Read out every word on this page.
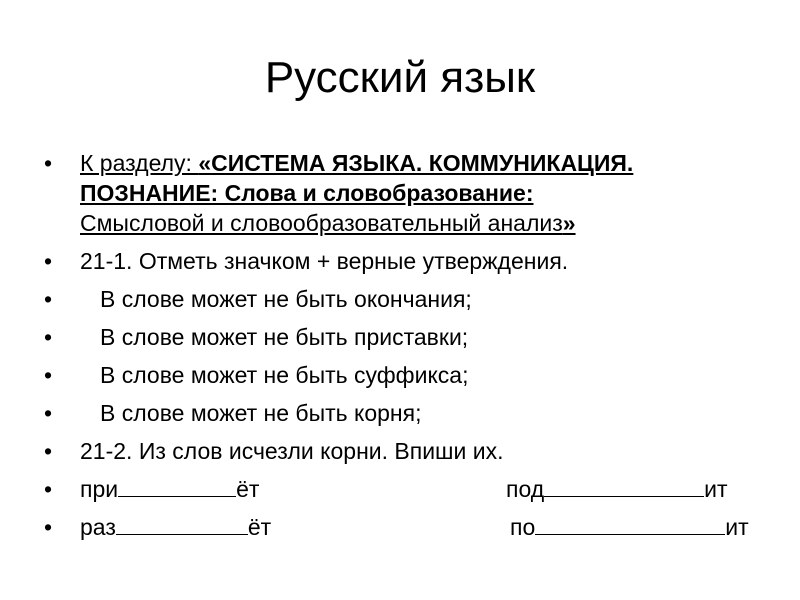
Русский язык
•	К разделу: «СИСТЕМА ЯЗЫКА. КОММУНИКАЦИЯ.
ПОЗНАНИЕ: Слова и словобразование:
Смысловой и словообразовательный анализ»
•	21-1. Отметь значком + верные утверждения.
•	В слове может не быть окончания;
•	В слове может не быть приставки;
•	В слове может не быть суффикса;
•	В слове может не быть корня;
•	21-2. Из слов исчезли корни. Впиши их.
•	при	ёт	под	ит
•	раз	ёт	по	ит
